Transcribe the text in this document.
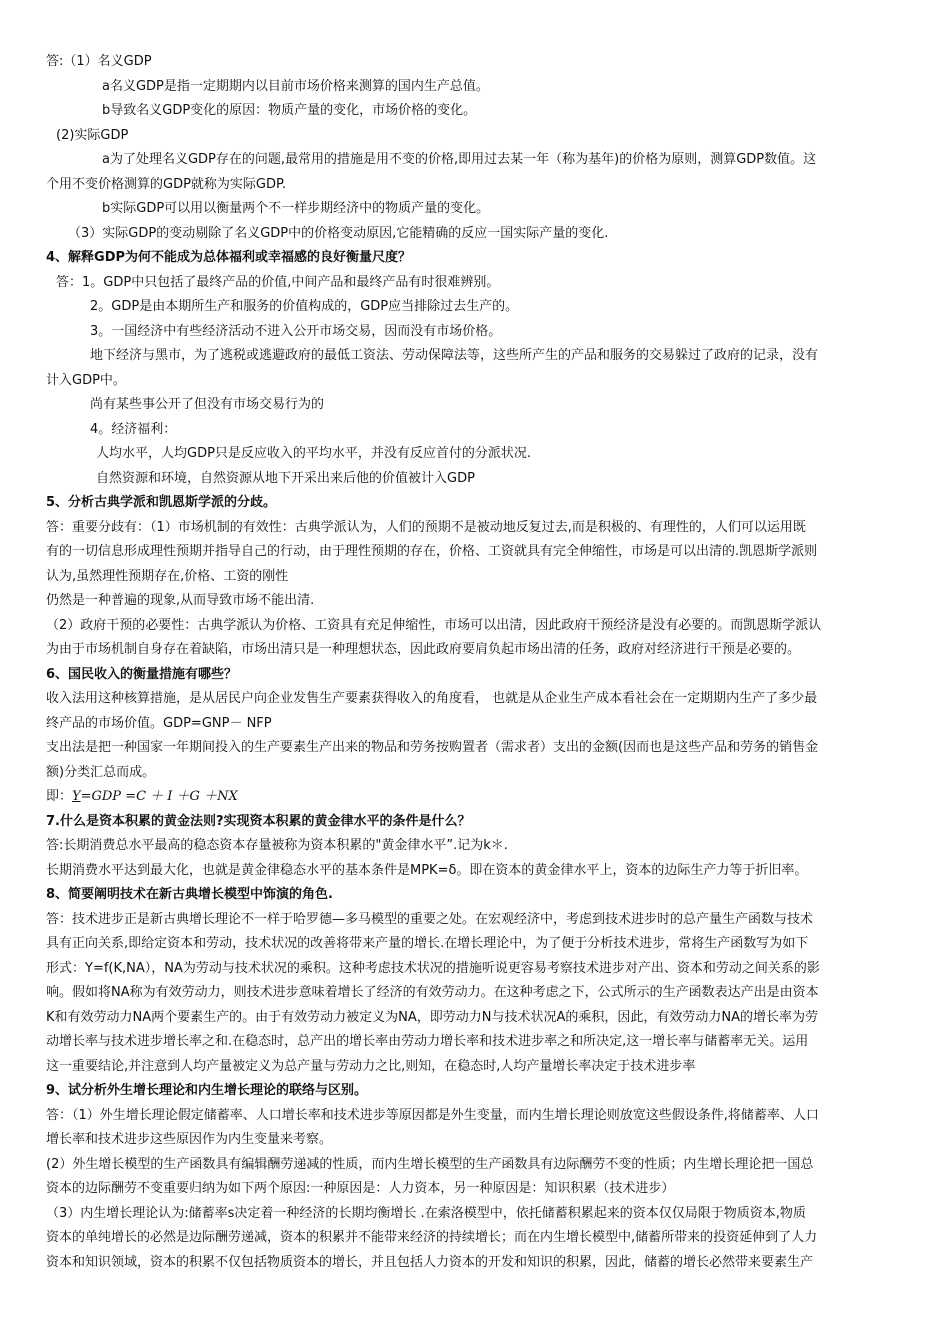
答:（1）名义GDP
a名义GDP是指一定期期内以目前市场价格来测算的国内生产总值。
b导致名义GDP变化的原因：物质产量的变化，市场价格的变化。
(2)实际GDP
a为了处理名义GDP存在的问题,最常用的措施是用不变的价格,即用过去某一年（称为基年)的价格为原则，测算GDP数值。这
个用不变价格测算的GDP就称为实际GDP.
b实际GDP可以用以衡量两个不一样步期经济中的物质产量的变化。
（3）实际GDP的变动剔除了名义GDP中的价格变动原因,它能精确的反应一国实际产量的变化.
4、解释GDP为何不能成为总体福利或幸福感的良好衡量尺度？
答：1。GDP中只包括了最终产品的价值,中间产品和最终产品有时很难辨别。
2。GDP是由本期所生产和服务的价值构成的，GDP应当排除过去生产的。
3。一国经济中有些经济活动不进入公开市场交易，因而没有市场价格。
地下经济与黑市，为了逃税或逃避政府的最低工资法、劳动保障法等，这些所产生的产品和服务的交易躲过了政府的记录，没有
计入GDP中。
尚有某些事公开了但没有市场交易行为的
4。经济福利：
人均水平，人均GDP只是反应收入的平均水平，并没有反应首付的分派状况.
自然资源和环境，自然资源从地下开采出来后他的价值被计入GDP
5、分析古典学派和凯恩斯学派的分歧。
答：重要分歧有：（1）市场机制的有效性：古典学派认为，人们的预期不是被动地反复过去,而是积极的、有理性的，人们可以运用既
有的一切信息形成理性预期并指导自己的行动，由于理性预期的存在，价格、工资就具有完全伸缩性，市场是可以出清的.凯恩斯学派则
认为,虽然理性预期存在,价格、工资的刚性
仍然是一种普遍的现象,从而导致市场不能出清.
（2）政府干预的必要性：古典学派认为价格、工资具有充足伸缩性，市场可以出清，因此政府干预经济是没有必要的。而凯恩斯学派认
为由于市场机制自身存在着缺陷，市场出清只是一种理想状态，因此政府要肩负起市场出清的任务，政府对经济进行干预是必要的。
6、国民收入的衡量措施有哪些？
收入法用这种核算措施，是从居民户向企业发售生产要素获得收入的角度看， 也就是从企业生产成本看社会在一定期期内生产了多少最
终产品的市场价值。GDP=GNP－ NFP
支出法是把一种国家一年期间投入的生产要素生产出来的物品和劳务按购置者（需求者）支出的金额(因而也是这些产品和劳务的销售金
额)分类汇总而成。
即：Y=GDP =C ＋ I ＋G ＋NX
7.什么是资本积累的黄金法则?实现资本积累的黄金律水平的条件是什么？
答:长期消费总水平最高的稳态资本存量被称为资本积累的"黄金律水平”.记为k＊.
长期消费水平达到最大化，也就是黄金律稳态水平的基本条件是MPK=δ。即在资本的黄金律水平上，资本的边际生产力等于折旧率。
8、简要阐明技术在新古典增长模型中饰演的角色.
答：技术进步正是新古典增长理论不一样于哈罗德—多马模型的重要之处。在宏观经济中，考虑到技术进步时的总产量生产函数与技术
具有正向关系,即给定资本和劳动，技术状况的改善将带来产量的增长.在增长理论中，为了便于分析技术进步，常将生产函数写为如下
形式：Y=f(K,NA），NA为劳动与技术状况的乘积。这种考虑技术状况的措施听说更容易考察技术进步对产出、资本和劳动之间关系的影
响。假如将NA称为有效劳动力，则技术进步意味着增长了经济的有效劳动力。在这种考虑之下，公式所示的生产函数表达产出是由资本
K和有效劳动力NA两个要素生产的。由于有效劳动力被定义为NA，即劳动力N与技术状况A的乘积，因此，有效劳动力NA的增长率为劳
动增长率与技术进步增长率之和.在稳态时，总产出的增长率由劳动力增长率和技术进步率之和所决定,这一增长率与储蓄率无关。运用
这一重要结论,并注意到人均产量被定义为总产量与劳动力之比,则知，在稳态时,人均产量增长率决定于技术进步率
9、试分析外生增长理论和内生增长理论的联络与区别。
答：（1）外生增长理论假定储蓄率、人口增长率和技术进步等原因都是外生变量，而内生增长理论则放宽这些假设条件,将储蓄率、人口
增长率和技术进步这些原因作为内生变量来考察。
(2）外生增长模型的生产函数具有编辑酬劳递减的性质，而内生增长模型的生产函数具有边际酬劳不变的性质；内生增长理论把一国总
资本的边际酬劳不变重要归纳为如下两个原因:一种原因是：人力资本，另一种原因是：知识积累（技术进步）
（3）内生增长理论认为:储蓄率s决定着一种经济的长期均衡增长 .在索洛模型中，依托储蓄积累起来的资本仅仅局限于物质资本,物质
资本的单纯增长的必然是边际酬劳递减，资本的积累并不能带来经济的持续增长；而在内生增长模型中,储蓄所带来的投资延伸到了人力
资本和知识领域，资本的积累不仅包括物质资本的增长，并且包括人力资本的开发和知识的积累，因此，储蓄的增长必然带来要素生产
